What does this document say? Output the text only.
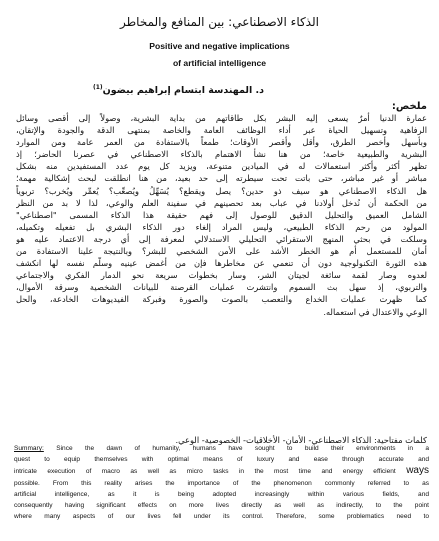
الذكاء الاصطناعي: بين المنافع والمخاطر
Positive and negative implications
of artificial intelligence
د. المهندسة ابتسام إبراهيم بيضون$^{(1)}$
ملخص:
عمارة الدنيا أمرٌ يسعى إليه البشر بكل طاقاتهم من بداية البشرية، وصولاً إلى أقصى وسائل
الرفاهية وتسهيل الحياة عبر أداء الوظائف العامة والخاصة بمنتهى الدقة والجودة والإتقان،
وبأسهل وأخصر الطرق، وأقل وأقصر الأوقات؛ طمعاً بالاستفادة من العمر عامة ومن الموارد
البشرية والطبيعية خاصة؛ من هنا نشأ الاهتمام بالذكاء الاصطناعي في عصرنا الحاضر؛ إذ
تظهر أكثر وأكثر استعمالات له في الميادين متنوعة، ويزيد كل يوم عدد المستفيدين منه بشكل
مباشر أو غير مباشر، حتى باتت تحت سيطرته إلى حد بعيد، من هنا انطلقت لبحث إشكالية مهمة؛
هل الذكاء الاصطناعي هو سيف ذو حدين؟ يصل ويقطع؟ يُسَهِّلُ ويُصعِّب؟ يُعمِّر ويُخرب؟ تربوياً
من الحكمة أن نُدخل أولادنا في عباب بعد تحصينهم في سفينة العلم والوعي، لذا لا بد من النظر
الشامل العميق والتحليل الدقيق للوصول إلى فهم حقيقة هذا الذكاء المسمى "اصطناعي"
المولود من رحم الذكاء الطبيعي، وليس المراد إلغاء دور الذكاء البشري بل تفعيله وتكميله،
وسلكت في بحثي المنهج الاستقرائي التحليلي الاستدلالي لمعرفة إلى أي درجة الاعتماد عليه هو
أمان للمستعمل أم هو الخطر الأشد على الأمن الشخصي للبشر؟ وبالنتيجة علينا الاستفادة من
هذه الثورة التكنولوجية دون أن تنعمي عن مخاطرها فإن من أغمض عينيه وسلّم نفسه لها انكشف
لعدوه وصار لقمة سائغة لجيتان الشر، وسار بخطوات سريعة نحو الدمار الفكري والاجتماعي
والتربوي، إذ سهل بث السموم وانتشرت عمليات القرصنة للبيانات الشخصية وسرقة الأموال،
كما ظهرت عمليات الخداع والتعصب بالصوت والصورة وفبركة الفيديوهات الخادعة، والحل
الوعي والاعتدال في استعماله.
كلمات مفتاحية: الذكاء الاصطناعي- الأمان- الأخلاقيات- الخصوصية- الوعي.
Summary: Since the dawn of humanity, humans have sought to build their environments in a
quest to equip themselves with optimal means of luxury and ease through accurate and
intricate execution of macro as well as micro tasks in the most time and energy efficient ways
possible. From this reality arises the importance of the phenomenon commonly referred to as
artificial intelligence, as it is being adopted increasingly within various fields, and
consequently having significant effects on more lives directly as well as indirectly, to the point
where many aspects of our lives fell under its control. Therefore, some problematics need to
